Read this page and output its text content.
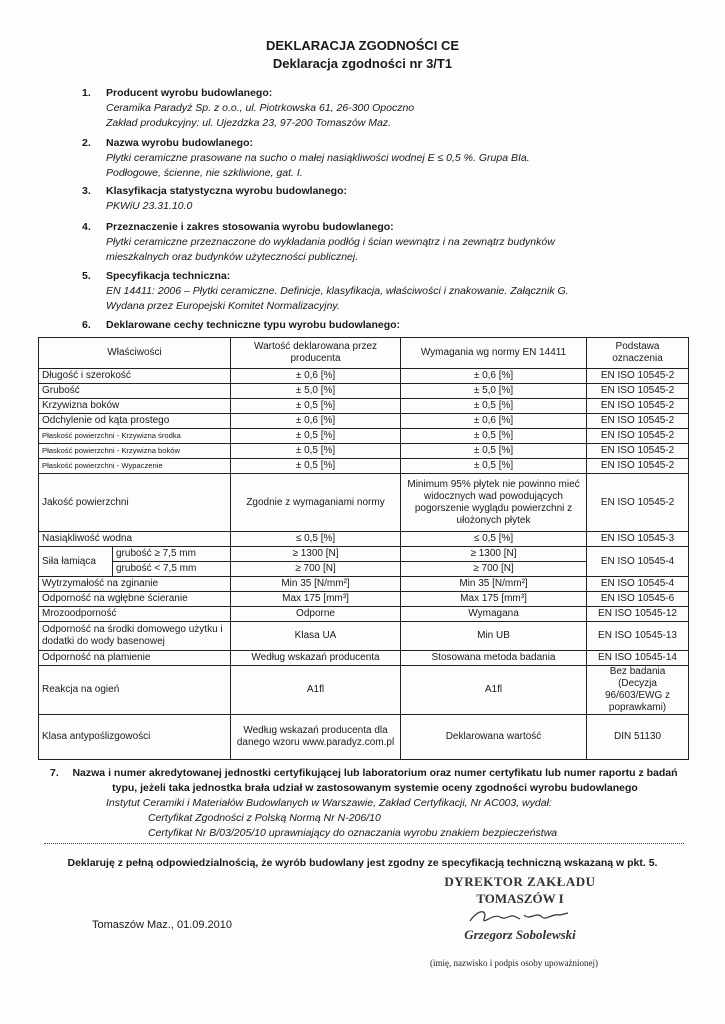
DEKLARACJA ZGODNOŚCI CE
Deklaracja zgodności nr 3/T1
1. Producent wyrobu budowlanego:
Ceramika Paradyż Sp. z o.o., ul. Piotrkowska 61, 26-300 Opoczno
Zakład produkcyjny: ul. Ujezdzka 23, 97-200 Tomaszów Maz.
2. Nazwa wyrobu budowlanego:
Płytki ceramiczne prasowane na sucho o małej nasiąkliwości wodnej E ≤ 0,5 %. Grupa BIa.
Podłogowe, ścienne, nie szkliwione, gat. I.
3. Klasyfikacja statystyczna wyrobu budowlanego:
PKWiU 23.31.10.0
4. Przeznaczenie i zakres stosowania wyrobu budowlanego:
Płytki ceramiczne przeznaczone do wykładania podłóg i ścian wewnątrz i na zewnątrz budynków
mieszkalnych oraz budynków użyteczności publicznej.
5. Specyfikacja techniczna:
EN 14411: 2006 – Płytki ceramiczne. Definicje, klasyfikacja, właściwości i znakowanie. Załącznik G.
Wydana przez Europejski Komitet Normalizacyjny.
6. Deklarowane cechy techniczne typu wyrobu budowlanego:
Właściwości		Wartość deklarowana przez producenta	Wymagania wg normy EN 14411	Podstawa oznaczenia
Długość i szerokość		± 0,6 [%]	± 0,6 [%]	EN ISO 10545-2
Grubość		± 5,0 [%]	± 5,0 [%]	EN ISO 10545-2
Krzywizna boków		± 0,5 [%]	± 0,5 [%]	EN ISO 10545-2
Odchylenie od kąta prostego		± 0,6 [%]	± 0,6 [%]	EN ISO 10545-2
Płaskość powierzchni - Krzywizna środka		± 0,5 [%]	± 0,5 [%]	EN ISO 10545-2
Płaskość powierzchni - Krzywizna boków		± 0,5 [%]	± 0,5 [%]	EN ISO 10545-2
Płaskość powierzchni - Wypaczenie		± 0,5 [%]	± 0,5 [%]	EN ISO 10545-2
Jakość powierzchni		Zgodnie z wymaganiami normy	Minimum 95% płytek nie powinno mieć widocznych wad powodujących pogorszenie wyglądu powierzchni z ułożonych płytek	EN ISO 10545-2
Nasiąkliwość wodna		≤ 0,5 [%]	≤ 0,5 [%]	EN ISO 10545-3
Siła łamiąca	grubość ≥ 7,5 mm	≥ 1300 [N]	≥ 1300 [N]	EN ISO 10545-4
	grubość < 7,5 mm	≥ 700 [N]	≥ 700 [N]	
Wytrzymałość na zginanie		Min 35 [N/mm²]	Min 35 [N/mm²]	EN ISO 10545-4
Odporność na wgłębne ścieranie		Max 175 [mm³]	Max 175 [mm³]	EN ISO 10545-6
Mrozoodporność		Odporne	Wymagana	EN ISO 10545-12
Odporność na środki domowego użytku i dodatki do wody basenowej		Klasa UA	Min UB	EN ISO 10545-13
Odporność na plamienie		Według wskazań producenta	Stosowana metoda badania	EN ISO 10545-14
Reakcja na ogień		A1fl	A1fl	Bez badania (Decyzja 96/603/EWG z poprawkami)
Klasa antypoślizgowości		Według wskazań producenta dla danego wzoru www.paradyz.com.pl	Deklarowana wartość	DIN 51130
7.	Nazwa i numer akredytowanej jednostki certyfikującej lub laboratorium oraz numer certyfikatu lub numer raportu z badań typu, jeżeli taka jednostka brała udział w zastosowanym systemie oceny zgodności wyrobu budowlanego
Instytut Ceramiki i Materiałów Budowlanych w Warszawie, Zakład Certyfikacji, Nr AC003, wydał:
Certyfikat Zgodności z Polską Normą Nr N-206/10
Certyfikat Nr B/03/205/10 uprawniający do oznaczania wyrobu znakiem bezpieczeństwa
Deklaruję z pełną odpowiedzialnością, że wyrób budowlany jest zgodny ze specyfikacją techniczną wskazaną w pkt. 5.
Tomaszów Maz., 01.09.2010
DYREKTOR ZAKŁADU
TOMASZÓW I
Grzegorz Sobolewski
(imię, nazwisko i podpis osoby upoważnionej)
